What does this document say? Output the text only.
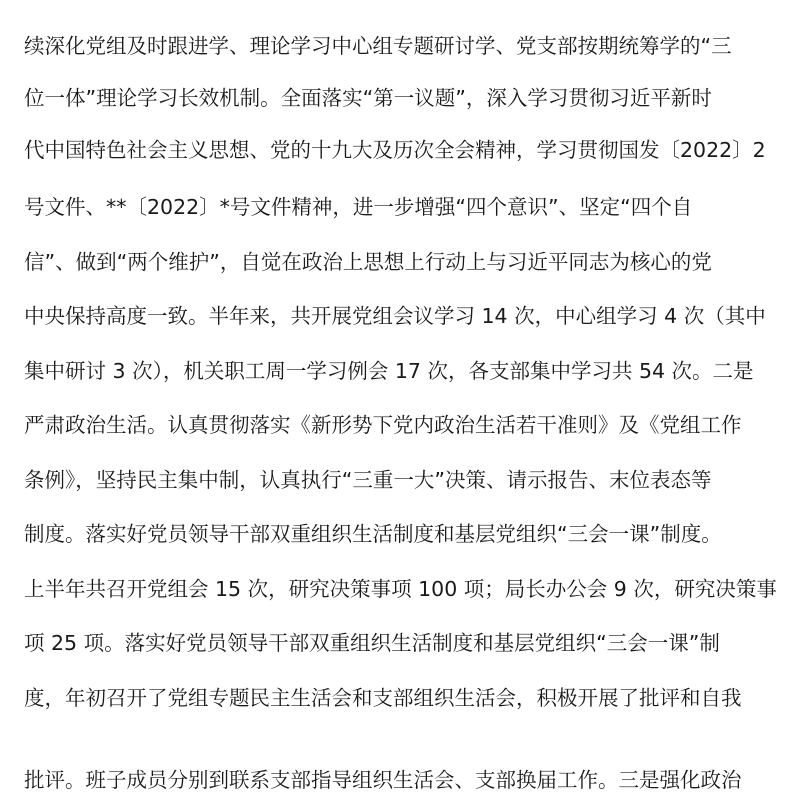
续深化党组及时跟进学、理论学习中心组专题研讨学、党支部按期统筹学的“三
位一体”理论学习长效机制。全面落实“第一议题”，深入学习贯彻习近平新时
代中国特色社会主义思想、党的十九大及历次全会精神，学习贯彻国发〔2022〕2
号文件、**〔2022〕*号文件精神，进一步增强“四个意识”、坚定“四个自
信”、做到“两个维护”，自觉在政治上思想上行动上与习近平同志为核心的党
中央保持高度一致。半年来，共开展党组会议学习 14 次，中心组学习 4 次（其中
集中研讨 3 次），机关职工周一学习例会 17 次，各支部集中学习共 54 次。二是
严肃政治生活。认真贯彻落实《新形势下党内政治生活若干准则》及《党组工作
条例》，坚持民主集中制，认真执行“三重一大”决策、请示报告、末位表态等
制度。落实好党员领导干部双重组织生活制度和基层党组织“三会一课”制度。
上半年共召开党组会 15 次，研究决策事项 100 项；局长办公会 9 次，研究决策事
项 25 项。落实好党员领导干部双重组织生活制度和基层党组织“三会一课”制
度，年初召开了党组专题民主生活会和支部组织生活会，积极开展了批评和自我
批评。班子成员分别到联系支部指导组织生活会、支部换届工作。三是强化政治
